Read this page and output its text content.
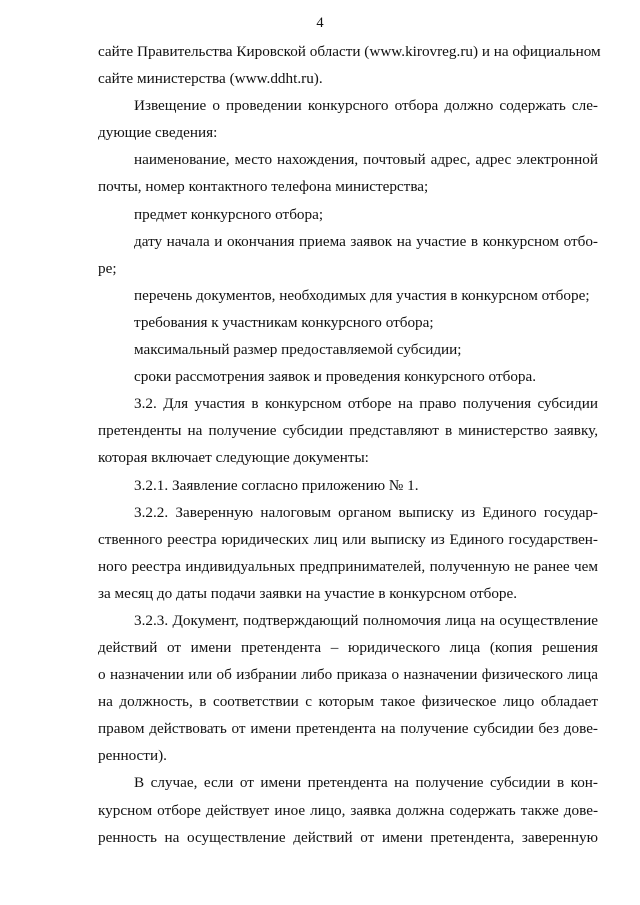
4

сайте Правительства Кировской области (www.kirovreg.ru) и на официальном

сайте министерства (www.ddht.ru).

Извещение о проведении конкурсного отбора должно содержать сле-

дующие сведения:

наименование, место нахождения, почтовый адрес, адрес электронной

почты, номер контактного телефона министерства;

предмет конкурсного отбора;

дату начала и окончания приема заявок на участие в конкурсном отбо-

ре;

перечень документов, необходимых для участия в конкурсном отборе;

требования к участникам конкурсного отбора;

максимальный размер предоставляемой субсидии;

сроки рассмотрения заявок и проведения конкурсного отбора.

3.2. Для участия в конкурсном отборе на право получения субсидии

претенденты на получение субсидии представляют в министерство заявку,

которая включает следующие документы:

3.2.1. Заявление согласно приложению № 1.

3.2.2. Заверенную налоговым органом выписку из Единого государ-

ственного реестра юридических лиц или выписку из Единого государствен-

ного реестра индивидуальных предпринимателей, полученную не ранее чем

за месяц до даты подачи заявки на участие в конкурсном отборе.

3.2.3. Документ, подтверждающий полномочия лица на осуществление

действий от имени претендента – юридического лица (копия решения

о назначении или об избрании либо приказа о назначении физического лица

на должность, в соответствии с которым такое физическое лицо обладает

правом действовать от имени претендента на получение субсидии без дове-

ренности).

В случае, если от имени претендента на получение субсидии в кон-

курсном отборе действует иное лицо, заявка должна содержать также дове-

ренность на осуществление действий от имени претендента, заверенную
